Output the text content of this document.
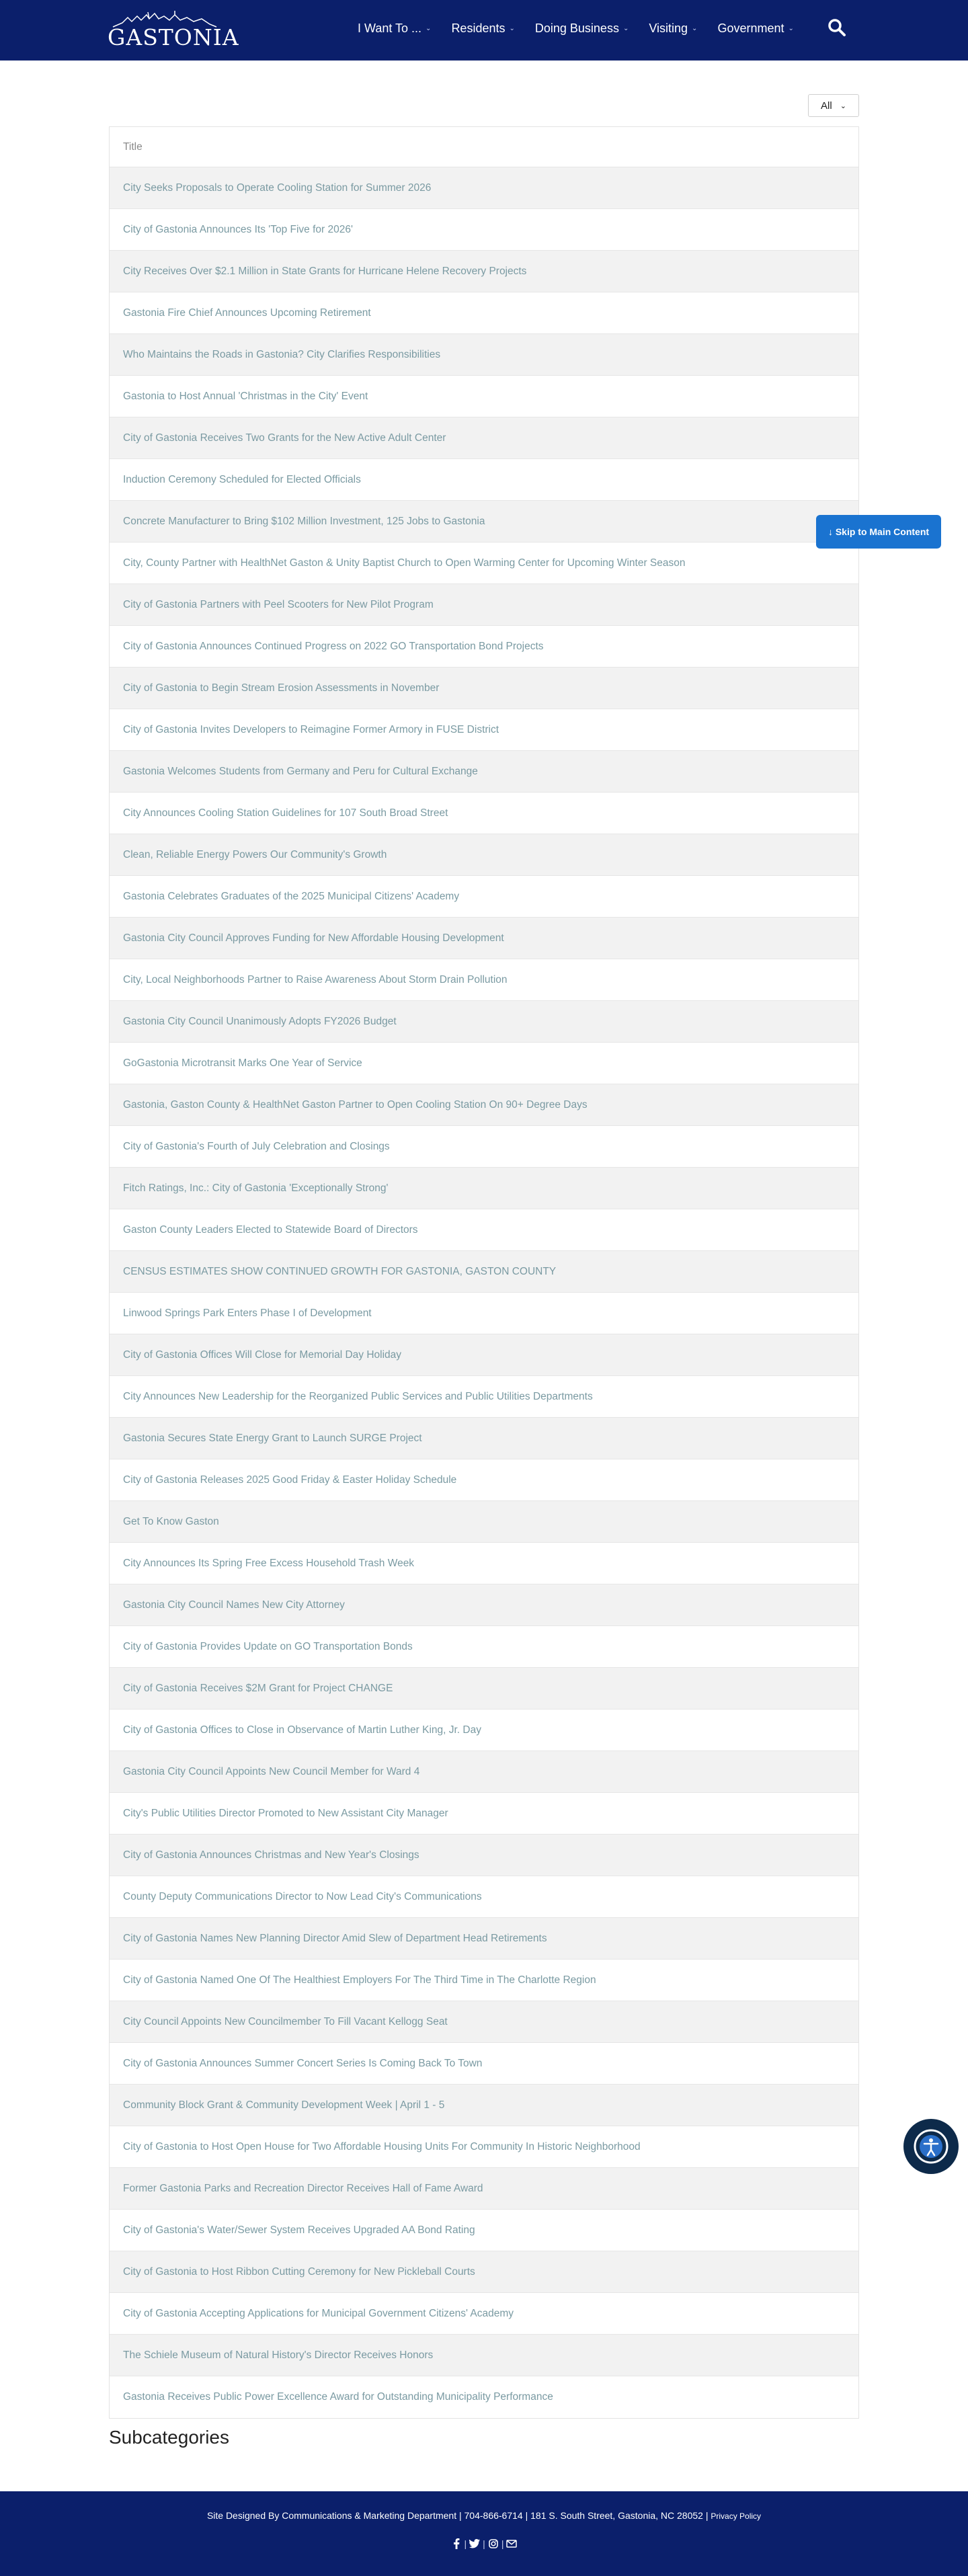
GASTONIA	I Want To ... ⌄ Residents ⌄ Doing Business ⌄ Visiting ⌄ Government ⌄
All ⌄
Title
City Seeks Proposals to Operate Cooling Station for Summer 2026
City of Gastonia Announces Its 'Top Five for 2026'
City Receives Over $2.1 Million in State Grants for Hurricane Helene Recovery Projects
Gastonia Fire Chief Announces Upcoming Retirement
Who Maintains the Roads in Gastonia? City Clarifies Responsibilities
Gastonia to Host Annual 'Christmas in the City' Event
City of Gastonia Receives Two Grants for the New Active Adult Center
Induction Ceremony Scheduled for Elected Officials
Concrete Manufacturer to Bring $102 Million Investment, 125 Jobs to Gastonia
City, County Partner with HealthNet Gaston & Unity Baptist Church to Open Warming Center for Upcoming Winter Season
City of Gastonia Partners with Peel Scooters for New Pilot Program
City of Gastonia Announces Continued Progress on 2022 GO Transportation Bond Projects
City of Gastonia to Begin Stream Erosion Assessments in November
City of Gastonia Invites Developers to Reimagine Former Armory in FUSE District
Gastonia Welcomes Students from Germany and Peru for Cultural Exchange
City Announces Cooling Station Guidelines for 107 South Broad Street
Clean, Reliable Energy Powers Our Community's Growth
Gastonia Celebrates Graduates of the 2025 Municipal Citizens' Academy
Gastonia City Council Approves Funding for New Affordable Housing Development
City, Local Neighborhoods Partner to Raise Awareness About Storm Drain Pollution
Gastonia City Council Unanimously Adopts FY2026 Budget
GoGastonia Microtransit Marks One Year of Service
Gastonia, Gaston County & HealthNet Gaston Partner to Open Cooling Station On 90+ Degree Days
City of Gastonia's Fourth of July Celebration and Closings
Fitch Ratings, Inc.: City of Gastonia 'Exceptionally Strong'
Gaston County Leaders Elected to Statewide Board of Directors
CENSUS ESTIMATES SHOW CONTINUED GROWTH FOR GASTONIA, GASTON COUNTY
Linwood Springs Park Enters Phase I of Development
City of Gastonia Offices Will Close for Memorial Day Holiday
City Announces New Leadership for the Reorganized Public Services and Public Utilities Departments
Gastonia Secures State Energy Grant to Launch SURGE Project
City of Gastonia Releases 2025 Good Friday & Easter Holiday Schedule
Get To Know Gaston
City Announces Its Spring Free Excess Household Trash Week
Gastonia City Council Names New City Attorney
City of Gastonia Provides Update on GO Transportation Bonds
City of Gastonia Receives $2M Grant for Project CHANGE
City of Gastonia Offices to Close in Observance of Martin Luther King, Jr. Day
Gastonia City Council Appoints New Council Member for Ward 4
City's Public Utilities Director Promoted to New Assistant City Manager
City of Gastonia Announces Christmas and New Year's Closings
County Deputy Communications Director to Now Lead City's Communications
City of Gastonia Names New Planning Director Amid Slew of Department Head Retirements
City of Gastonia Named One Of The Healthiest Employers For The Third Time in The Charlotte Region
City Council Appoints New Councilmember To Fill Vacant Kellogg Seat
City of Gastonia Announces Summer Concert Series Is Coming Back To Town
Community Block Grant & Community Development Week | April 1 - 5
City of Gastonia to Host Open House for Two Affordable Housing Units For Community In Historic Neighborhood
Former Gastonia Parks and Recreation Director Receives Hall of Fame Award
City of Gastonia's Water/Sewer System Receives Upgraded AA Bond Rating
City of Gastonia to Host Ribbon Cutting Ceremony for New Pickleball Courts
City of Gastonia Accepting Applications for Municipal Government Citizens' Academy
The Schiele Museum of Natural History's Director Receives Honors
Gastonia Receives Public Power Excellence Award for Outstanding Municipality Performance
Subcategories
↓ Skip to Main Content
Site Designed By Communications & Marketing Department | 704-866-6714 | 181 S. South Street, Gastonia, NC 28052 | Privacy Policy
| | |
